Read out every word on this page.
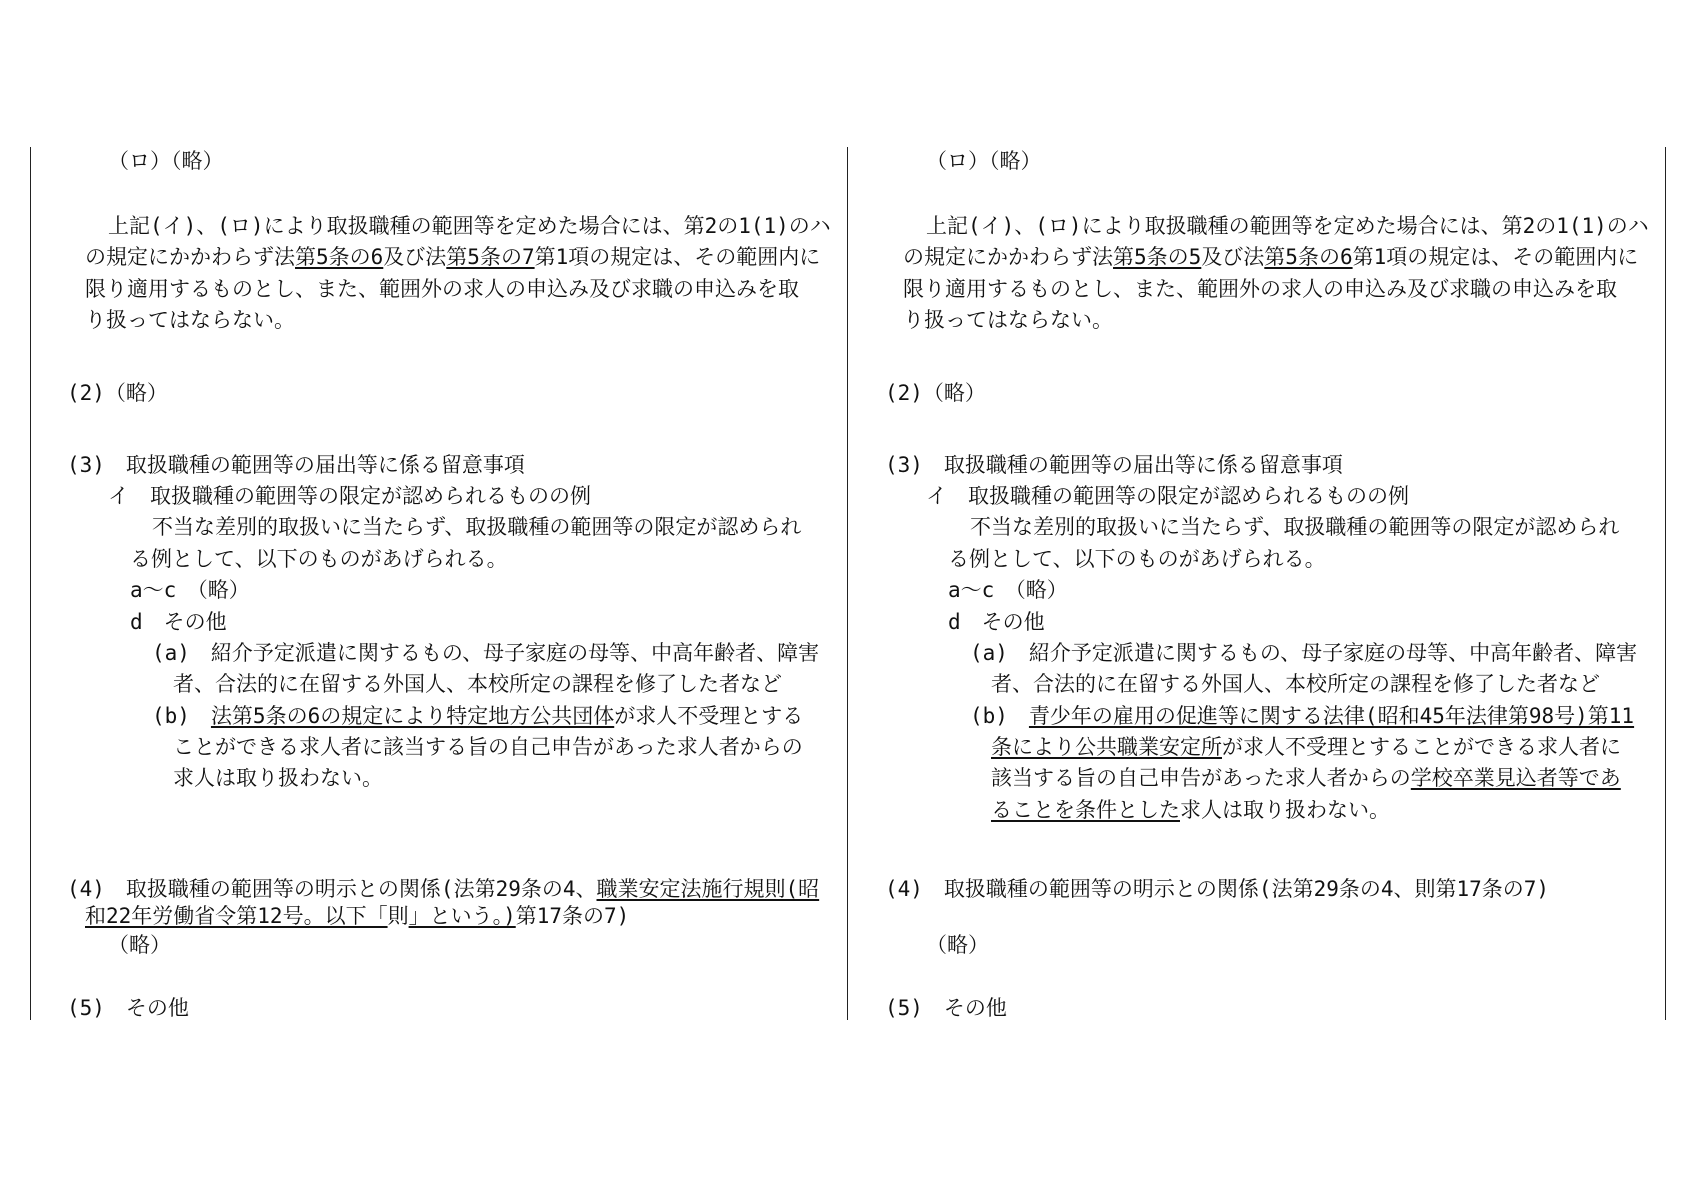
（ロ）（略）
上記(イ)、(ロ)により取扱職種の範囲等を定めた場合には、第2の1(1)のハ
の規定にかかわらず法第5条の6及び法第5条の7第1項の規定は、その範囲内に
限り適用するものとし、また、範囲外の求人の申込み及び求職の申込みを取
り扱ってはならない。
(2)（略）
(3)　取扱職種の範囲等の届出等に係る留意事項
イ　取扱職種の範囲等の限定が認められるものの例
不当な差別的取扱いに当たらず、取扱職種の範囲等の限定が認められ
る例として、以下のものがあげられる。
a～c　（略）
d　その他
(a)　紹介予定派遣に関するもの、母子家庭の母等、中高年齢者、障害
者、合法的に在留する外国人、本校所定の課程を修了した者など
(b)　法第5条の6の規定により特定地方公共団体が求人不受理とする
ことができる求人者に該当する旨の自己申告があった求人者からの
求人は取り扱わない。
(4)　取扱職種の範囲等の明示との関係(法第29条の4、職業安定法施行規則(昭
和22年労働省令第12号。以下「則」という。)第17条の7)
（略）
(5)　その他
（ロ）（略）
上記(イ)、(ロ)により取扱職種の範囲等を定めた場合には、第2の1(1)のハ
の規定にかかわらず法第5条の5及び法第5条の6第1項の規定は、その範囲内に
限り適用するものとし、また、範囲外の求人の申込み及び求職の申込みを取
り扱ってはならない。
(2)（略）
(3)　取扱職種の範囲等の届出等に係る留意事項
イ　取扱職種の範囲等の限定が認められるものの例
不当な差別的取扱いに当たらず、取扱職種の範囲等の限定が認められ
る例として、以下のものがあげられる。
a～c　（略）
d　その他
(a)　紹介予定派遣に関するもの、母子家庭の母等、中高年齢者、障害
者、合法的に在留する外国人、本校所定の課程を修了した者など
(b)　青少年の雇用の促進等に関する法律(昭和45年法律第98号)第11
条により公共職業安定所が求人不受理とすることができる求人者に
該当する旨の自己申告があった求人者からの学校卒業見込者等であ
ることを条件とした求人は取り扱わない。
(4)　取扱職種の範囲等の明示との関係(法第29条の4、則第17条の7)
（略）
(5)　その他
